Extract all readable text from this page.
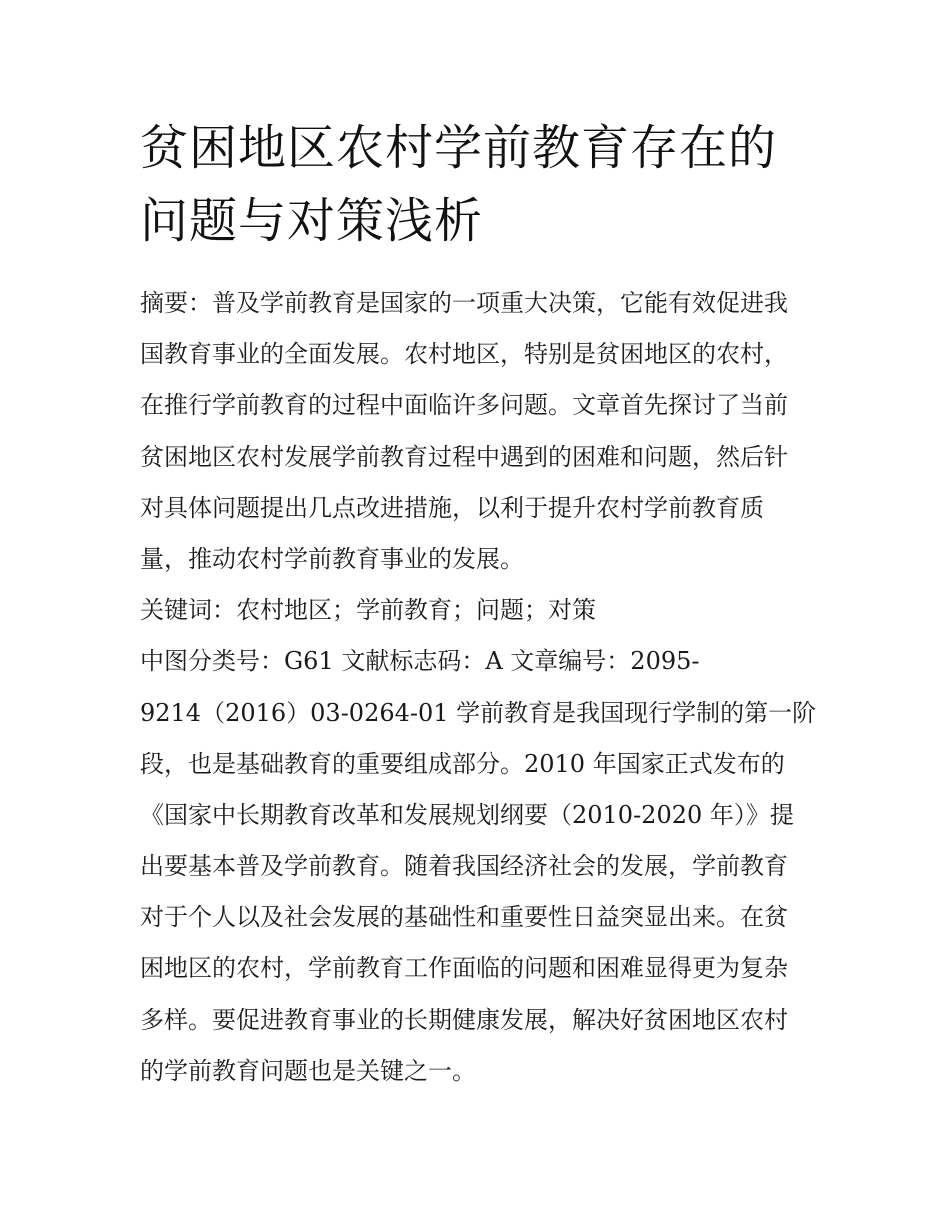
贫困地区农村学前教育存在的
问题与对策浅析
摘要：普及学前教育是国家的一项重大决策，它能有效促进我
国教育事业的全面发展。农村地区，特别是贫困地区的农村，
在推行学前教育的过程中面临许多问题。文章首先探讨了当前
贫困地区农村发展学前教育过程中遇到的困难和问题，然后针
对具体问题提出几点改进措施，以利于提升农村学前教育质
量，推动农村学前教育事业的发展。
关键词：农村地区；学前教育；问题；对策
中图分类号：G61 文献标志码：A 文章编号：2095-
9214（2016）03-0264-01 学前教育是我国现行学制的第一阶
段，也是基础教育的重要组成部分。2010 年国家正式发布的
《国家中长期教育改革和发展规划纲要（2010-2020 年）》提
出要基本普及学前教育。随着我国经济社会的发展，学前教育
对于个人以及社会发展的基础性和重要性日益突显出来。在贫
困地区的农村，学前教育工作面临的问题和困难显得更为复杂
多样。要促进教育事业的长期健康发展，解决好贫困地区农村
的学前教育问题也是关键之一。
